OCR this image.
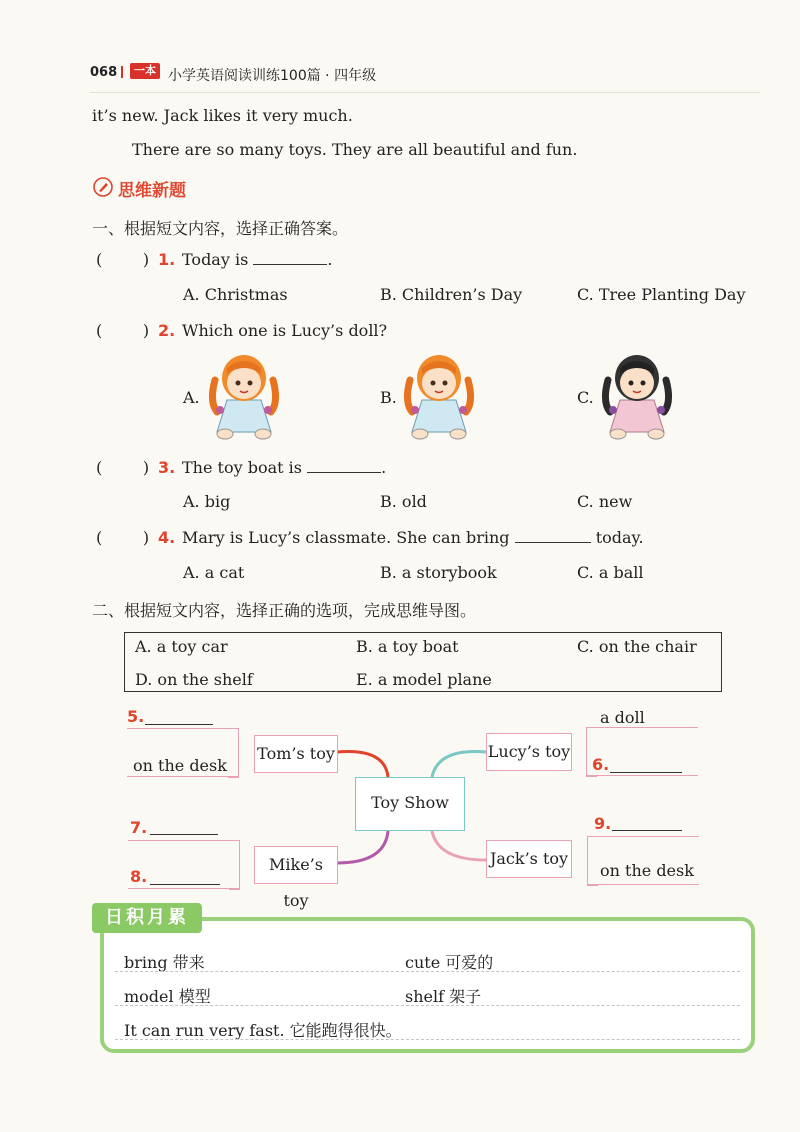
068	一本 小学英语阅读训练100篇 · 四年级
it’s new. Jack likes it very much.
There are so many toys. They are all beautiful and fun.
思维新题
一、根据短文内容，选择正确答案。
(        ) 1. Today is	.
A. Christmas	B. Children’s Day	C. Tree Planting Day
(        ) 2. Which one is Lucy’s doll?
A.	B.	C.
(        ) 3. The toy boat is	.
A. big	B. old	C. new
(        ) 4. Mary is Lucy’s classmate. She can bring	today.
A. a cat	B. a storybook	C. a ball
二、根据短文内容，选择正确的选项，完成思维导图。
A. a toy car	B. a toy boat	C. on the chair
D. on the shelf	E. a model plane
5.
on the desk
Tom’s toy
Toy Show
a doll
6.
Lucy’s toy
7.
8.
Mike’s toy
9.
on the desk
Jack’s toy
日积月累
bring 带来	cute 可爱的
model 模型	shelf 架子
It can run very fast. 它能跑得很快。
